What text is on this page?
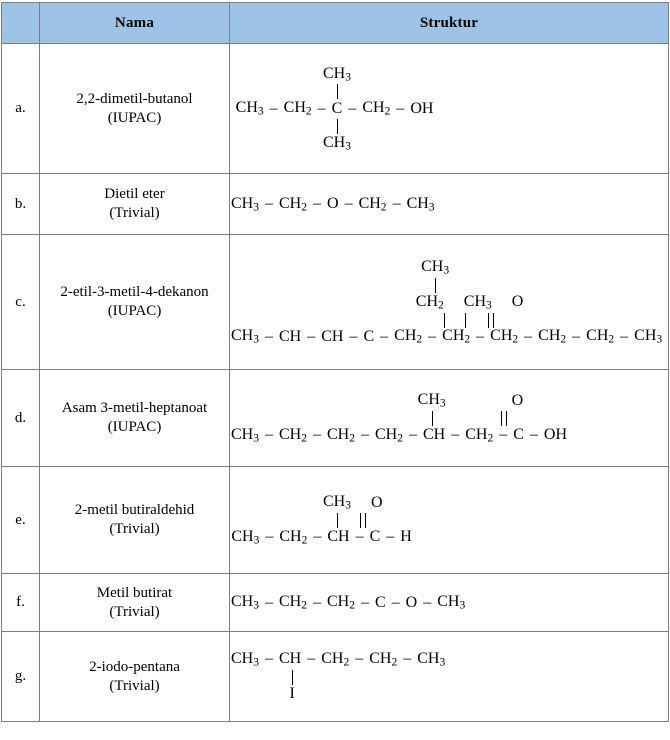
	Nama	Struktur
a.	
2,2-dimetil-butanol
(IUPAC)

$CH_3$
$CH_3 - CH_2$ – C – $CH_2$ – OH
$CH_3$

b.	
Dietil eter
(Trivial)

$CH_3 - CH_2$ – O – $CH_2 - CH_3$

c.	
2-etil-3-metil-4-dekanon
(IUPAC)

$CH_3$
$CH_2$ $CH_3$ O
$CH_3$ – CH – CH – C – $CH_2 - CH_2 - CH_2 - CH_2 - CH_2 - CH_3$

d.	
Asam 3-metil-heptanoat
(IUPAC)

$CH_3$	O
$CH_3 - CH_2 - CH_2 - CH_2$ – CH – $CH_2$ – C – OH

e.	
2-metil butiraldehid
(Trivial)

$CH_3$ O
$CH_3 - CH_2$ – CH – C – H

f.	
Metil butirat
(Trivial)

$CH_3 - CH_2 - CH_2$ – C – O – $CH_3$

g.	
2-iodo-pentana
(Trivial)

$CH_3$ – CH – $CH_2 - CH_2 - CH_3$
I
